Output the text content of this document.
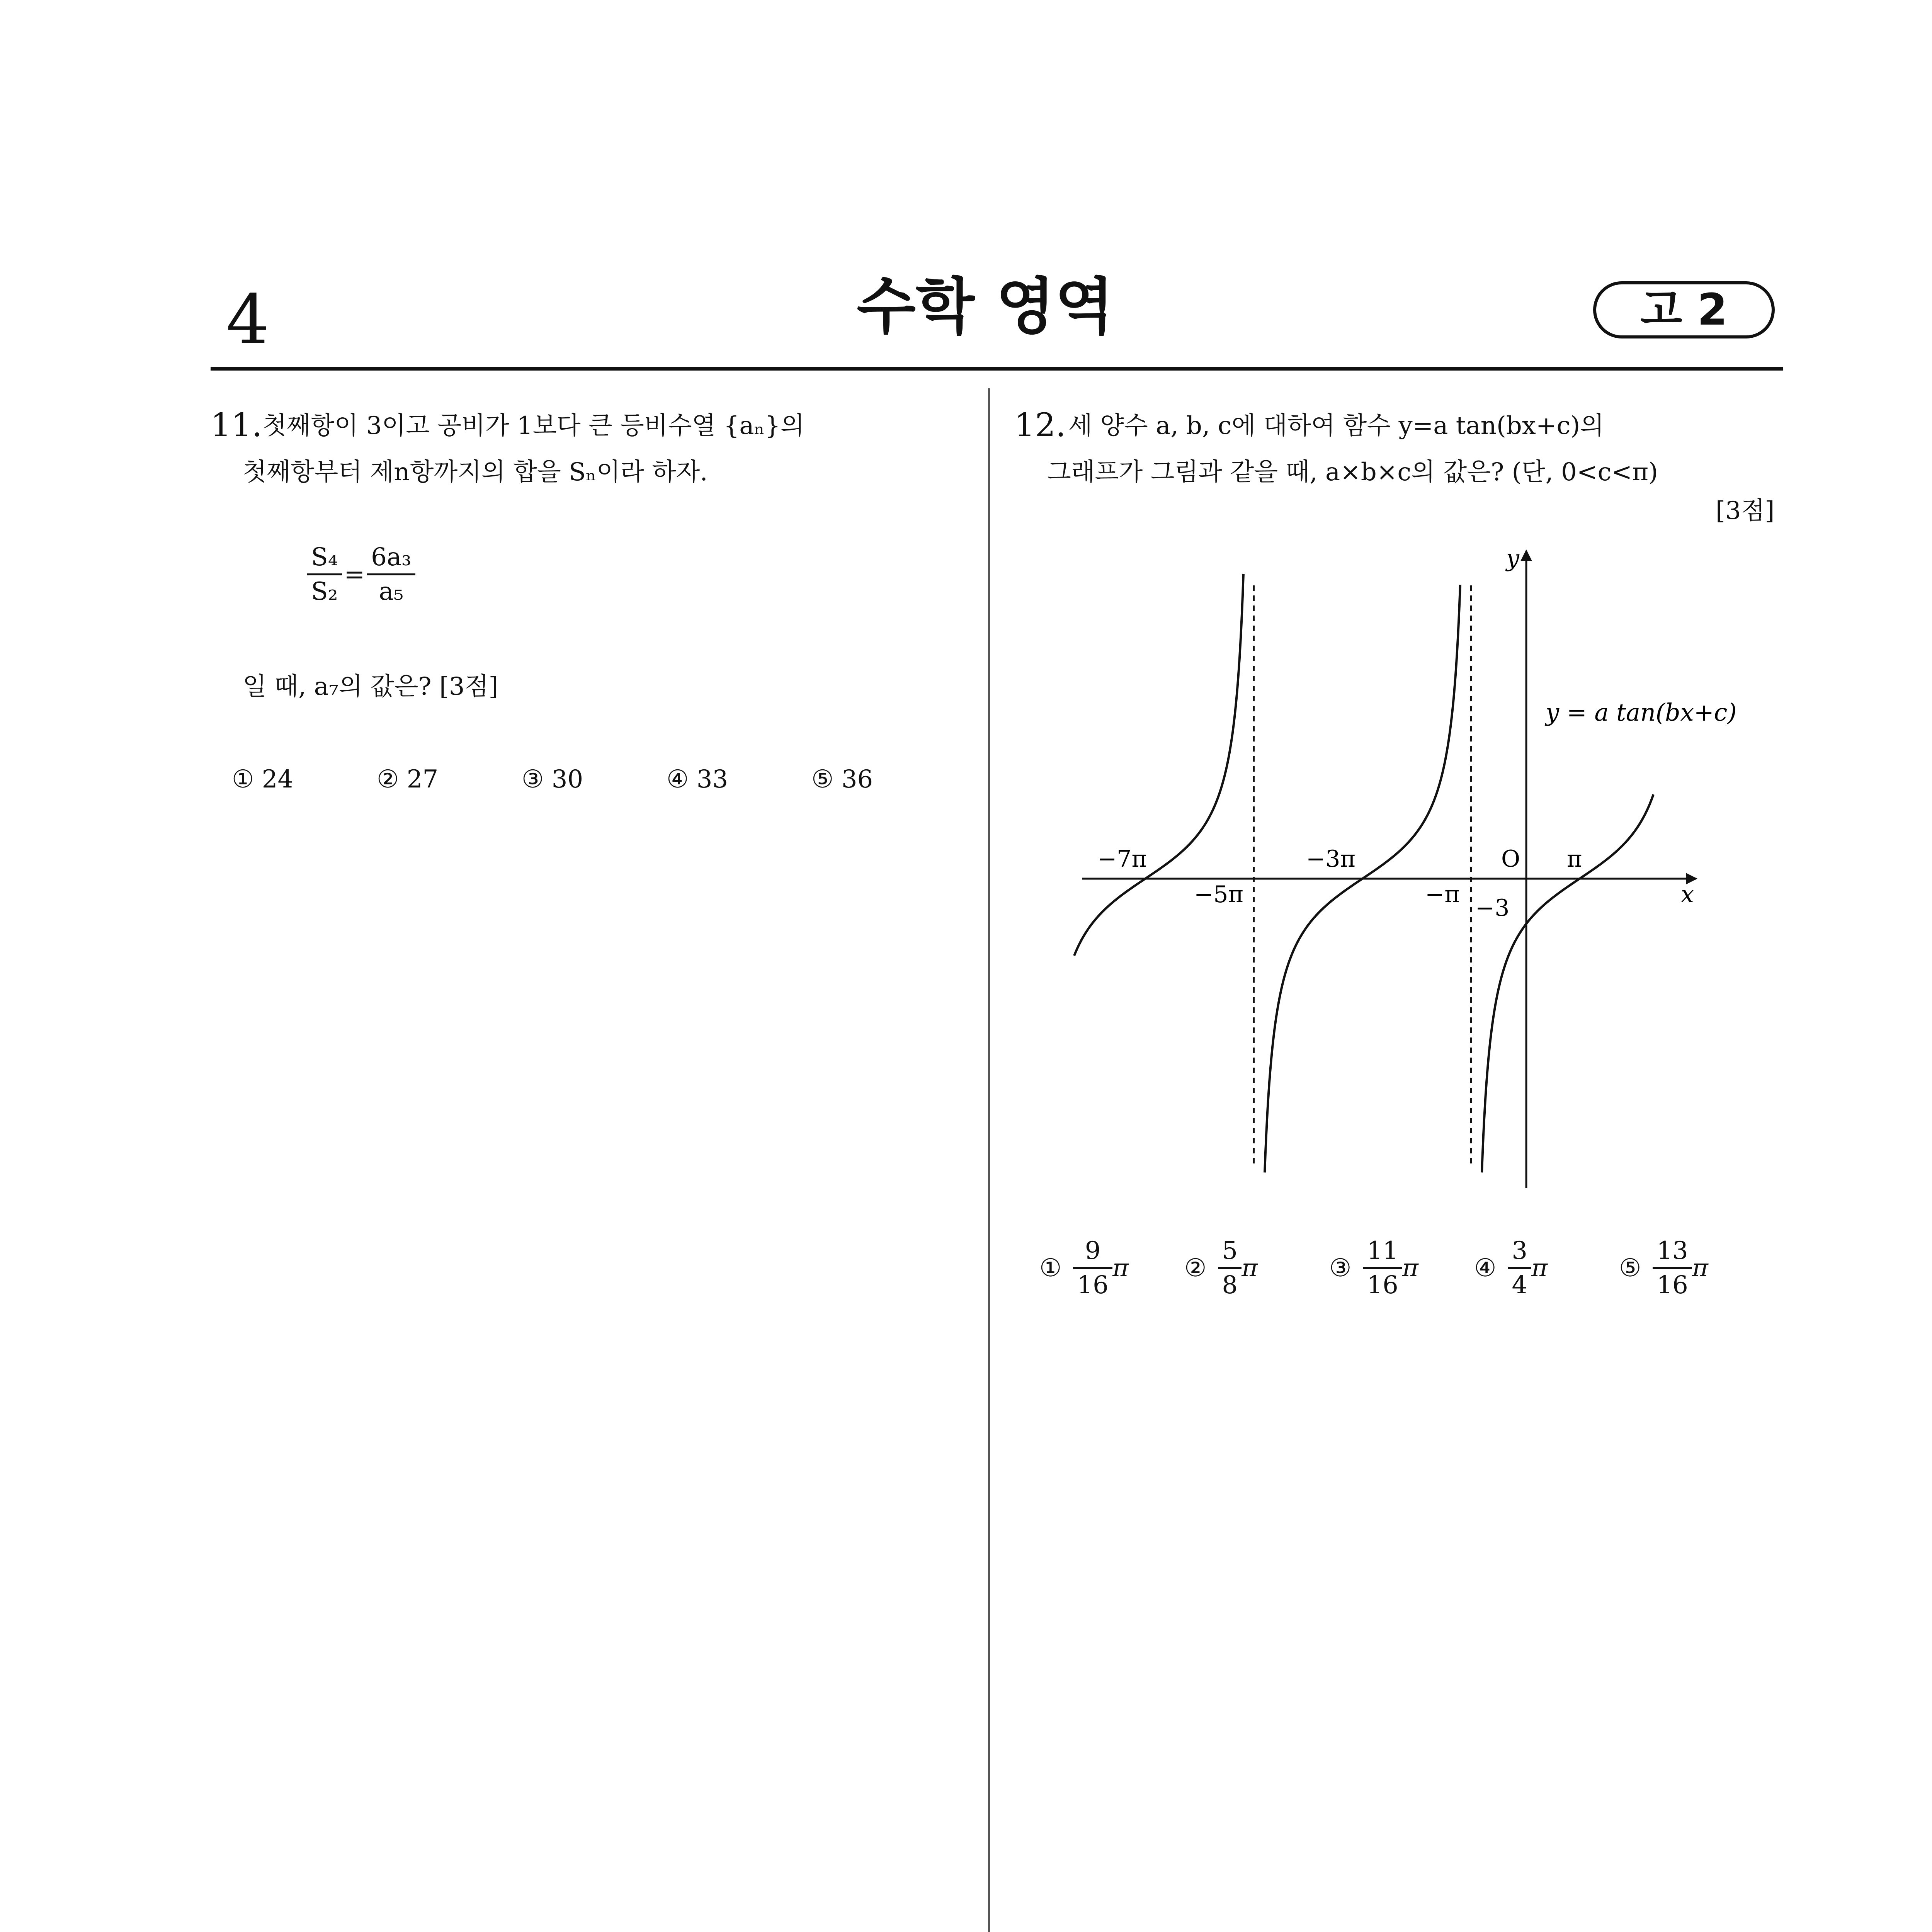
4	수학 영역	고 2
11. 첫째항이 3이고 공비가 1보다 큰 등비수열 {aₙ}의
첫째항부터 제n항까지의 합을 Sₙ이라 하자.
$\frac{\text{S₄}}{\text{S₂}} = \frac{\text{6a₃}}{\text{a₅}}$
일 때, a₇의 값은? [3점]
① 24	② 27	③ 30	④ 33	⑤ 36
12. 세 양수 a, b, c에 대하여 함수 y=a tan(bx+c)의
그래프가 그림과 같을 때, a×b×c의 값은? (단, 0<c<π)
[3점]
y
x
O
y = a tan(bx+c)
−7π
−5π
−3π
−π
π
−3
① $\frac{9}{16}$ π ② $\frac{5}{8}$ π	③ $\frac{11}{16}$ π ④ $\frac{3}{4}$ π	⑤ $\frac{13}{16}$ π
